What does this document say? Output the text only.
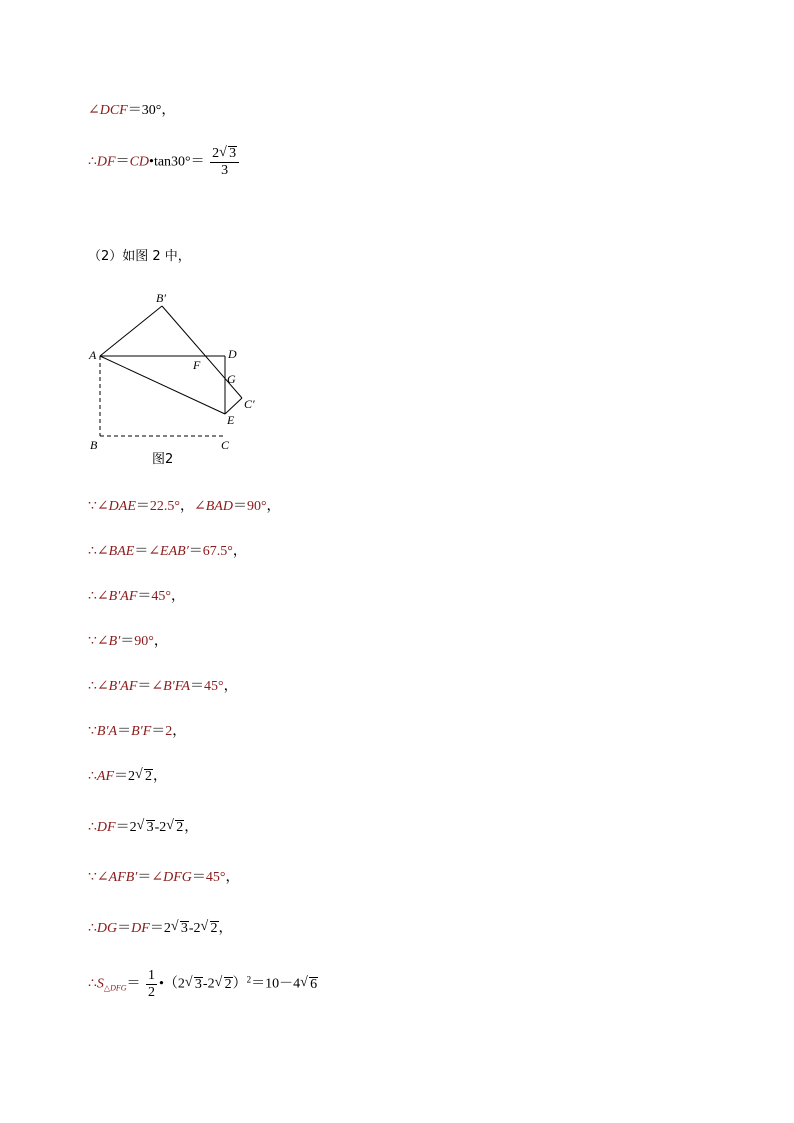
∠DCF＝30°，
∴DF＝CD•tan30°＝ $\frac{2 √ 3}{3}$
（2）如图 2 中，
B′
A	D
F
G
C′
E
B	C
图2
∵∠DAE＝22.5°，∠BAD＝90°，
∴∠BAE＝∠EAB′＝67.5°，
∴∠B′AF＝45°，
∵∠B′＝90°，
∴∠B′AF＝∠B′FA＝45°，
∵B′A＝B′F＝2，
∴AF＝2 √ 2，
∴DF＝2 √ 3-2 √ 2，
∵∠AFB′＝∠DFG＝45°，
∴DG＝DF＝2 √ 3-2 √ 2，
$\therefore S_{\triangle DFG}= \frac{1}{2}$ •（2 √ 3-2 √ 2）$^2$＝10－4 √ 6
